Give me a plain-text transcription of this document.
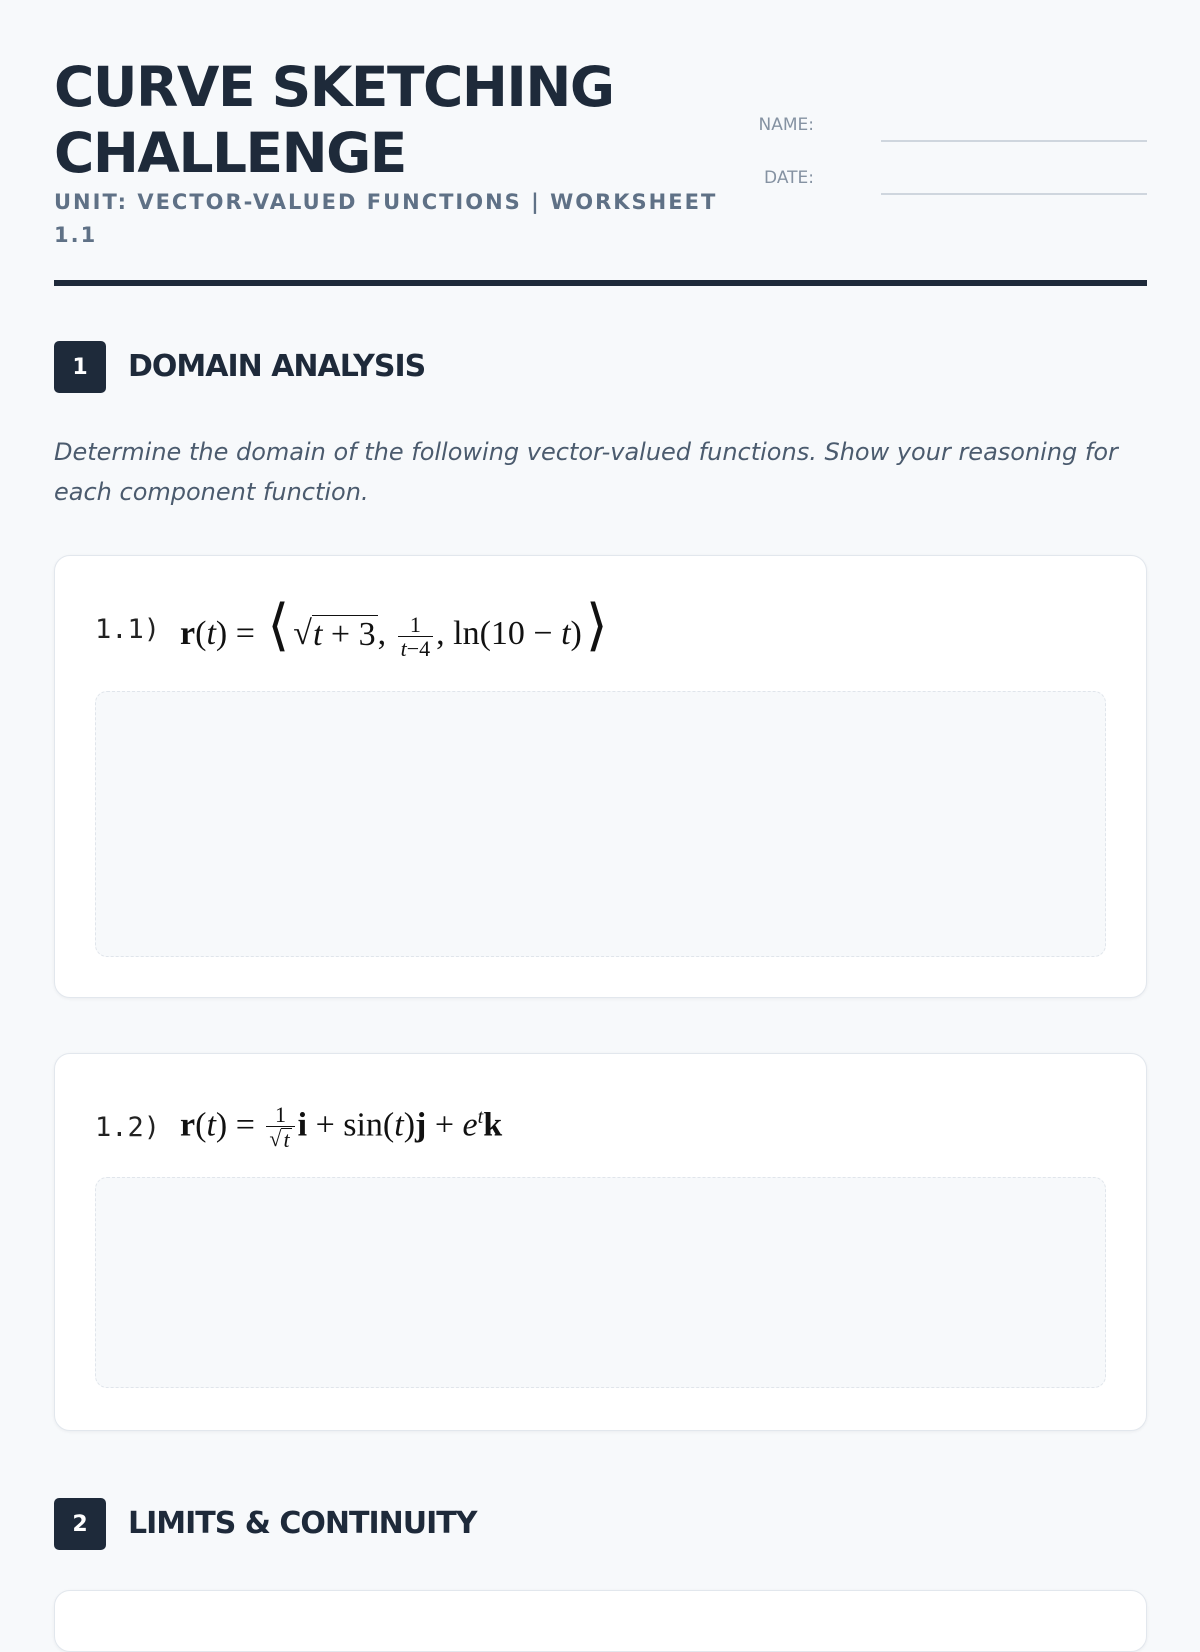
CURVE SKETCHING
CHALLENGE
UNIT: VECTOR-VALUED FUNCTIONS | WORKSHEET 1.1
NAME:
DATE:
1	DOMAIN ANALYSIS
Determine the domain of the following vector-valued functions. Show your reasoning for each component function.
1.1) r(t) = ⟨ √ t + 3 , $\frac{1}{t-4}$ , ln(10 − t)⟩
1.2) $r(t) = \frac{1}{√ t}$ $i + \sin(t)j + e^tk$
2	LIMITS & CONTINUITY
